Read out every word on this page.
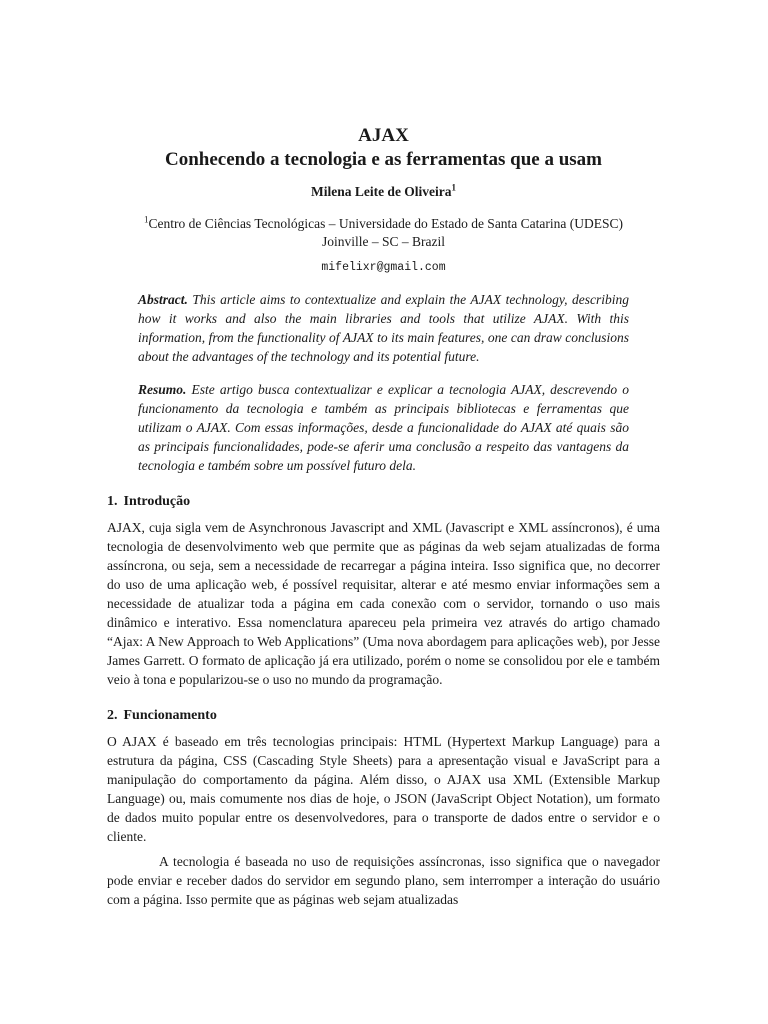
AJAX
Conhecendo a tecnologia e as ferramentas que a usam
Milena Leite de Oliveira$^1$
$^1$Centro de Ciências Tecnológicas – Universidade do Estado de Santa Catarina (UDESC)
Joinville – SC – Brazil
mifelixr@gmail.com
Abstract. This article aims to contextualize and explain the AJAX technology, describing how it works and also the main libraries and tools that utilize AJAX. With this information, from the functionality of AJAX to its main features, one can draw conclusions about the advantages of the technology and its potential future.
Resumo. Este artigo busca contextualizar e explicar a tecnologia AJAX, descrevendo o funcionamento da tecnologia e também as principais bibliotecas e ferramentas que utilizam o AJAX. Com essas informações, desde a funcionalidade do AJAX até quais são as principais funcionalidades, pode-se aferir uma conclusão a respeito das vantagens da tecnologia e também sobre um possível futuro dela.
1. Introdução

AJAX, cuja sigla vem de Asynchronous Javascript and XML (Javascript e XML assíncronos), é uma tecnologia de desenvolvimento web que permite que as páginas da web sejam atualizadas de forma assíncrona, ou seja, sem a necessidade de recarregar a página inteira. Isso significa que, no decorrer do uso de uma aplicação web, é possível requisitar, alterar e até mesmo enviar informações sem a necessidade de atualizar toda a página em cada conexão com o servidor, tornando o uso mais dinâmico e interativo. Essa nomenclatura apareceu pela primeira vez através do artigo chamado “Ajax: A New Approach to Web Applications” (Uma nova abordagem para aplicações web), por Jesse James Garrett. O formato de aplicação já era utilizado, porém o nome se consolidou por ele e também veio à tona e popularizou-se o uso no mundo da programação.

2. Funcionamento

O AJAX é baseado em três tecnologias principais: HTML (Hypertext Markup Language) para a estrutura da página, CSS (Cascading Style Sheets) para a apresentação visual e JavaScript para a manipulação do comportamento da página. Além disso, o AJAX usa XML (Extensible Markup Language) ou, mais comumente nos dias de hoje, o JSON (JavaScript Object Notation), um formato de dados muito popular entre os desenvolvedores, para o transporte de dados entre o servidor e o cliente.

A tecnologia é baseada no uso de requisições assíncronas, isso significa que o navegador pode enviar e receber dados do servidor em segundo plano, sem interromper a interação do usuário com a página. Isso permite que as páginas web sejam atualizadas
